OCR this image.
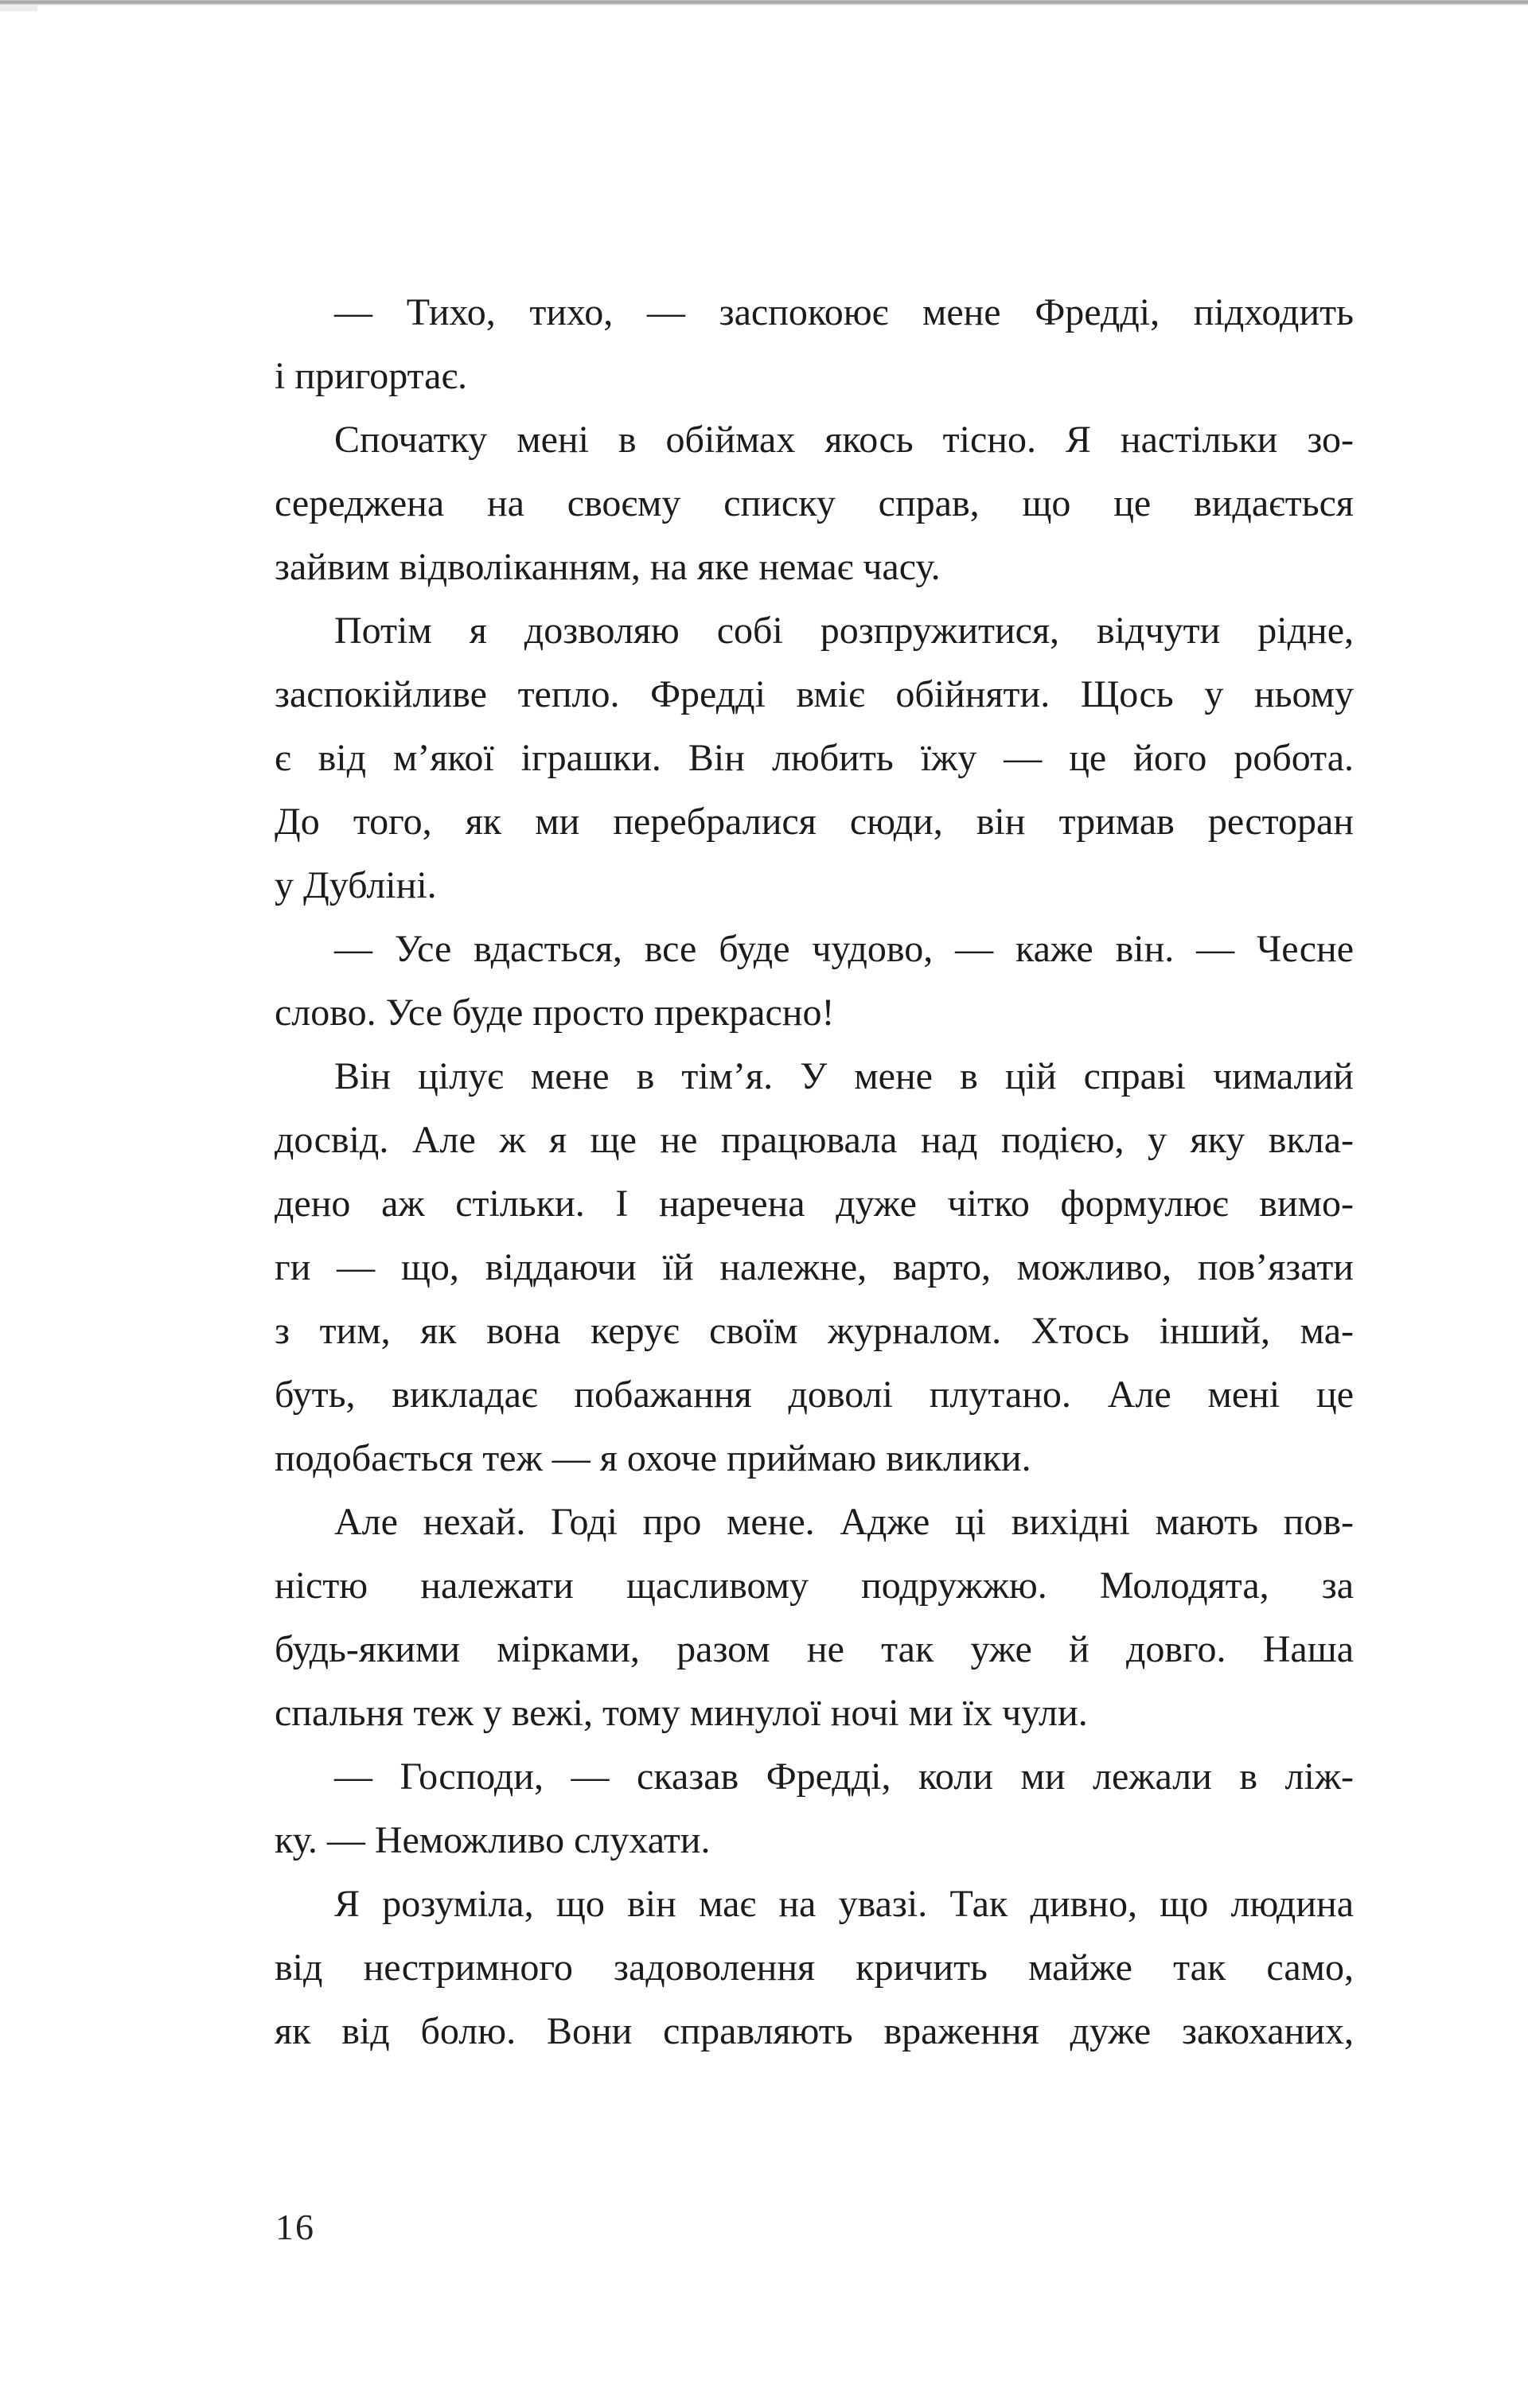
— Тихо, тихо, — заспокоює мене Фредді, підходить
і пригортає.

Спочатку мені в обіймах якось тісно. Я настільки зо-
середжена на своєму списку справ, що це видається
зайвим відволіканням, на яке немає часу.

Потім я дозволяю собі розпружитися, відчути рідне,
заспокійливе тепло. Фредді вміє обійняти. Щось у ньому
є від м’якої іграшки. Він любить їжу — це його робота.
До того, як ми перебралися сюди, він тримав ресторан
у Дубліні.

— Усе вдасться, все буде чудово, — каже він. — Чесне
слово. Усе буде просто прекрасно!

Він цілує мене в тім’я. У мене в цій справі чималий
досвід. Але ж я ще не працювала над подією, у яку вкла-
дено аж стільки. І наречена дуже чітко формулює вимо-
ги — що, віддаючи їй належне, варто, можливо, пов’язати
з тим, як вона керує своїм журналом. Хтось інший, ма-
буть, викладає побажання доволі плутано. Але мені це
подобається теж — я охоче приймаю виклики.

Але нехай. Годі про мене. Адже ці вихідні мають пов-
ністю належати щасливому подружжю. Молодята, за
будь-якими мірками, разом не так уже й довго. Наша
спальня теж у вежі, тому минулої ночі ми їх чули.

— Господи, — сказав Фредді, коли ми лежали в ліж-
ку. — Неможливо слухати.

Я розуміла, що він має на увазі. Так дивно, що людина
від нестримного задоволення кричить майже так само,
як від болю. Вони справляють враження дуже закоханих,

16
